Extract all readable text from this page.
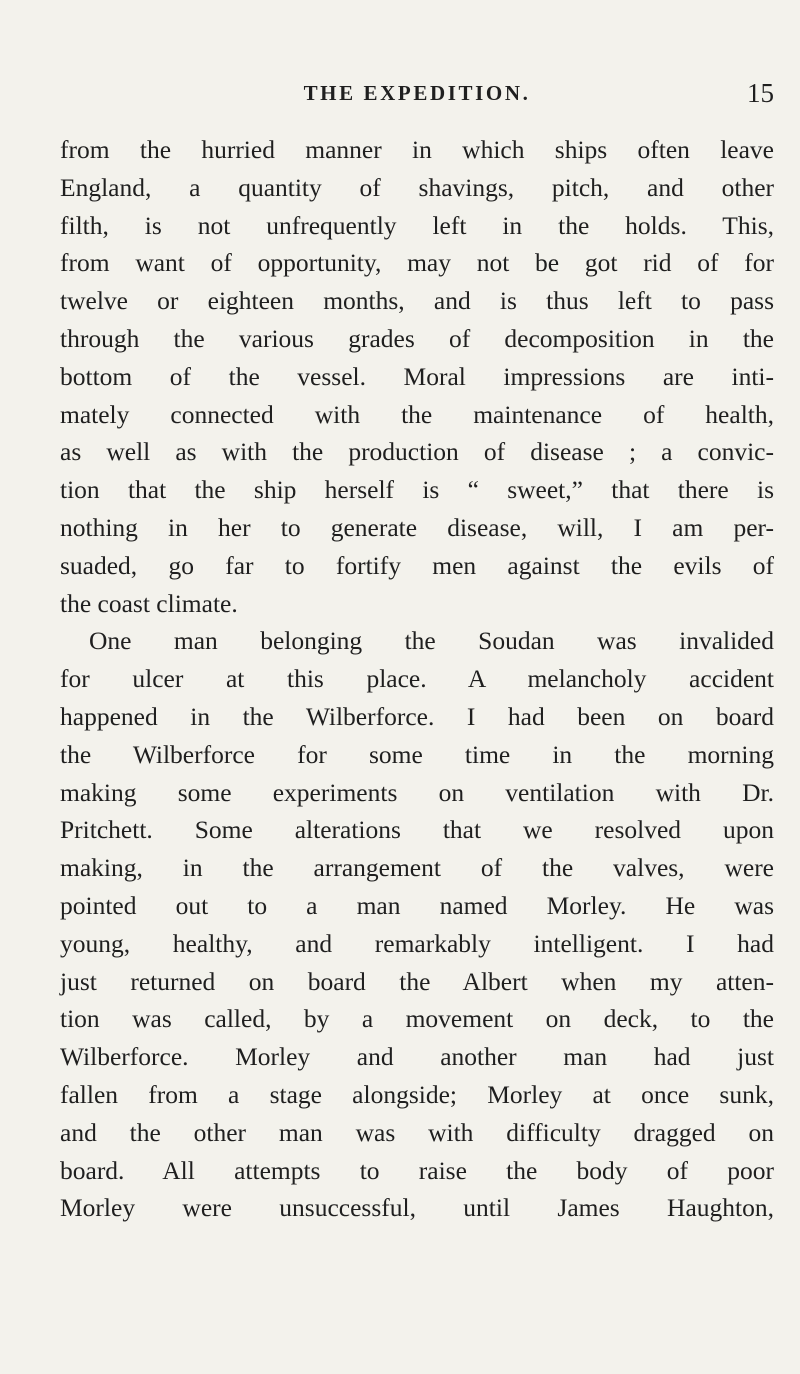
THE EXPEDITION.	15
from the hurried manner in which ships often leave
England, a quantity of shavings, pitch, and other
filth, is not unfrequently left in the holds. This,
from want of opportunity, may not be got rid of for
twelve or eighteen months, and is thus left to pass
through the various grades of decomposition in the
bottom of the vessel. Moral impressions are inti-
mately connected with the maintenance of health,
as well as with the production of disease ; a convic-
tion that the ship herself is “ sweet,” that there is
nothing in her to generate disease, will, I am per-
suaded, go far to fortify men against the evils of
the coast climate.
One man belonging the Soudan was invalided
for ulcer at this place. A melancholy accident
happened in the Wilberforce. I had been on board
the Wilberforce for some time in the morning
making some experiments on ventilation with Dr.
Pritchett. Some alterations that we resolved upon
making, in the arrangement of the valves, were
pointed out to a man named Morley. He was
young, healthy, and remarkably intelligent. I had
just returned on board the Albert when my atten-
tion was called, by a movement on deck, to the
Wilberforce. Morley and another man had just
fallen from a stage alongside; Morley at once sunk,
and the other man was with difficulty dragged on
board. All attempts to raise the body of poor
Morley were unsuccessful, until James Haughton,
